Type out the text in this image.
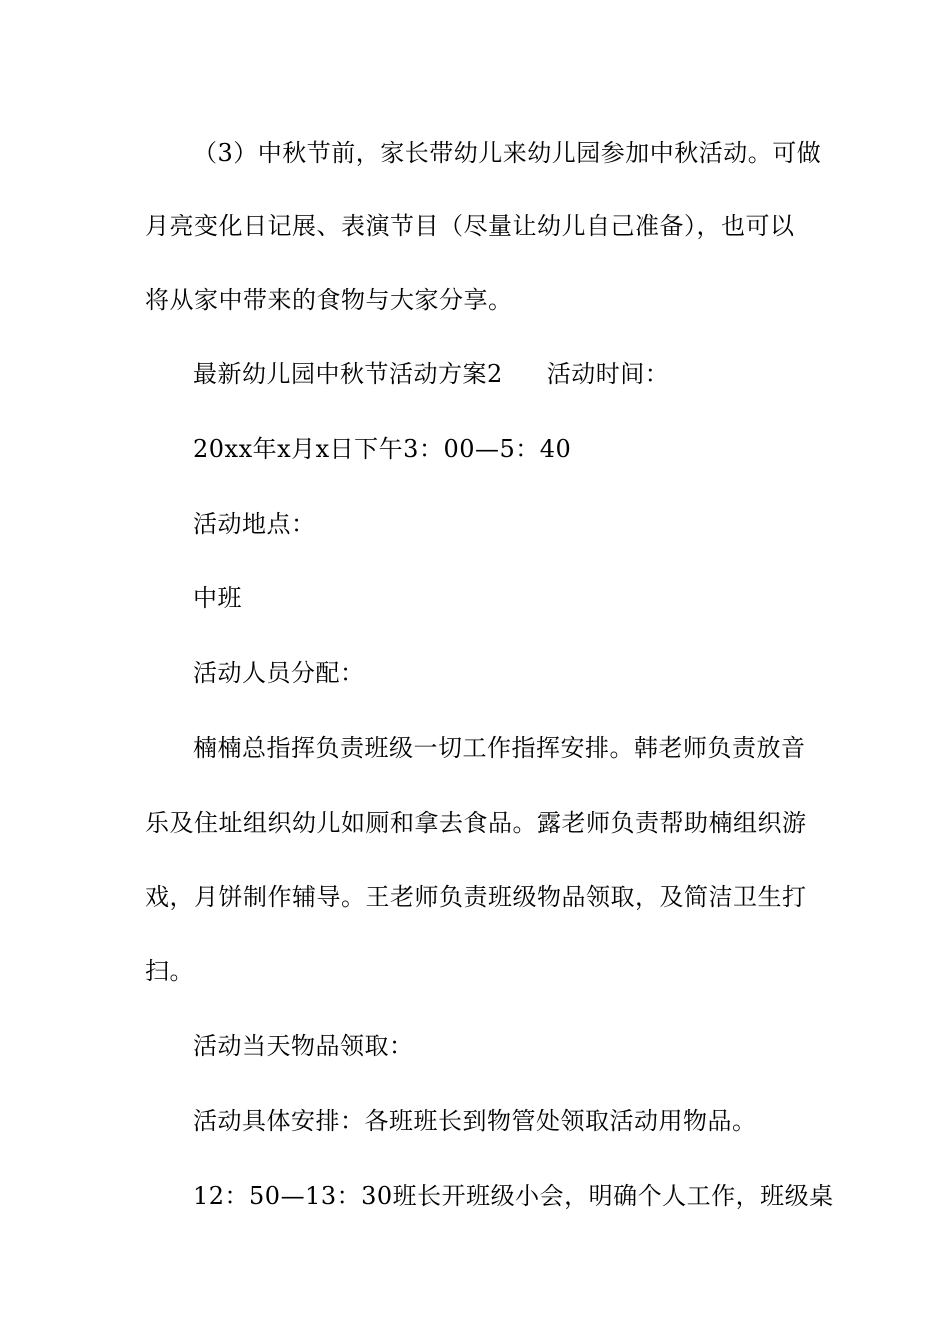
（3）中秋节前，家长带幼儿来幼儿园参加中秋活动。可做
月亮变化日记展、表演节目（尽量让幼儿自己准备），也可以
将从家中带来的食物与大家分享。
最新幼儿园中秋节活动方案2 活动时间：
20xx年x月x日下午3：00—5：40
活动地点：
中班
活动人员分配：
楠楠总指挥负责班级一切工作指挥安排。韩老师负责放音
乐及住址组织幼儿如厕和拿去食品。露老师负责帮助楠组织游
戏，月饼制作辅导。王老师负责班级物品领取，及简洁卫生打
扫。
活动当天物品领取：
活动具体安排：各班班长到物管处领取活动用物品。
12：50—13：30班长开班级小会，明确个人工作，班级桌
